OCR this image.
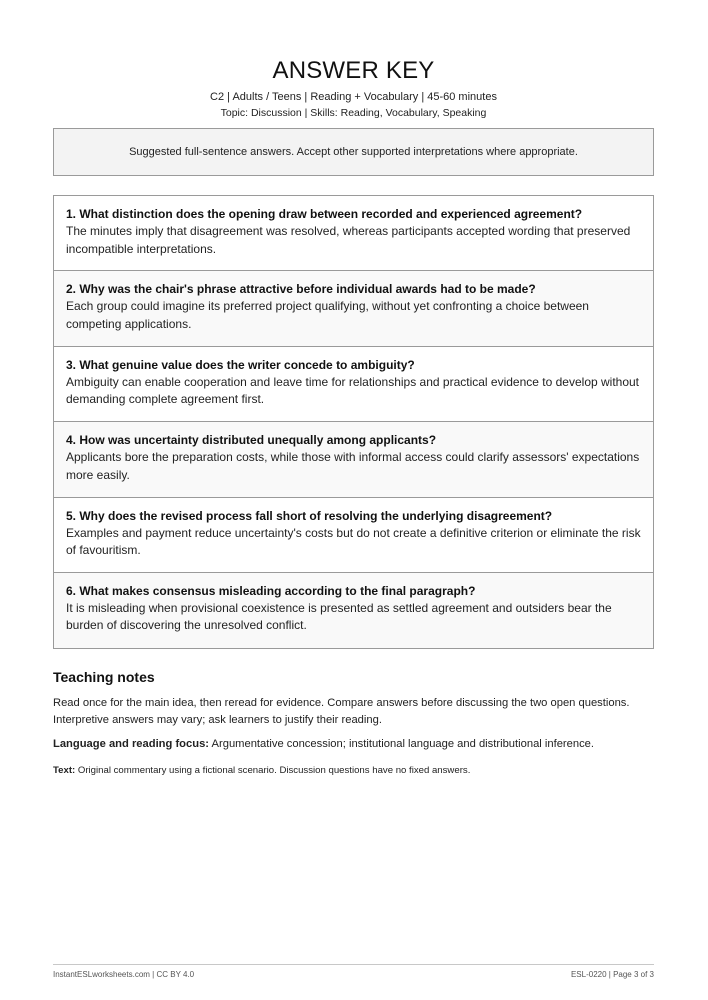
ANSWER KEY
C2 | Adults / Teens | Reading + Vocabulary | 45-60 minutes
Topic: Discussion | Skills: Reading, Vocabulary, Speaking
Suggested full-sentence answers. Accept other supported interpretations where appropriate.
1. What distinction does the opening draw between recorded and experienced agreement?
The minutes imply that disagreement was resolved, whereas participants accepted wording that preserved incompatible interpretations.
2. Why was the chair's phrase attractive before individual awards had to be made?
Each group could imagine its preferred project qualifying, without yet confronting a choice between competing applications.
3. What genuine value does the writer concede to ambiguity?
Ambiguity can enable cooperation and leave time for relationships and practical evidence to develop without demanding complete agreement first.
4. How was uncertainty distributed unequally among applicants?
Applicants bore the preparation costs, while those with informal access could clarify assessors' expectations more easily.
5. Why does the revised process fall short of resolving the underlying disagreement?
Examples and payment reduce uncertainty's costs but do not create a definitive criterion or eliminate the risk of favouritism.
6. What makes consensus misleading according to the final paragraph?
It is misleading when provisional coexistence is presented as settled agreement and outsiders bear the burden of discovering the unresolved conflict.
Teaching notes

Read once for the main idea, then reread for evidence. Compare answers before discussing the two open questions. Interpretive answers may vary; ask learners to justify their reading.

Language and reading focus: Argumentative concession; institutional language and distributional inference.

Text: Original commentary using a fictional scenario. Discussion questions have no fixed answers.

InstantESLworksheets.com | CC BY 4.0	ESL-0220 | Page 3 of 3
